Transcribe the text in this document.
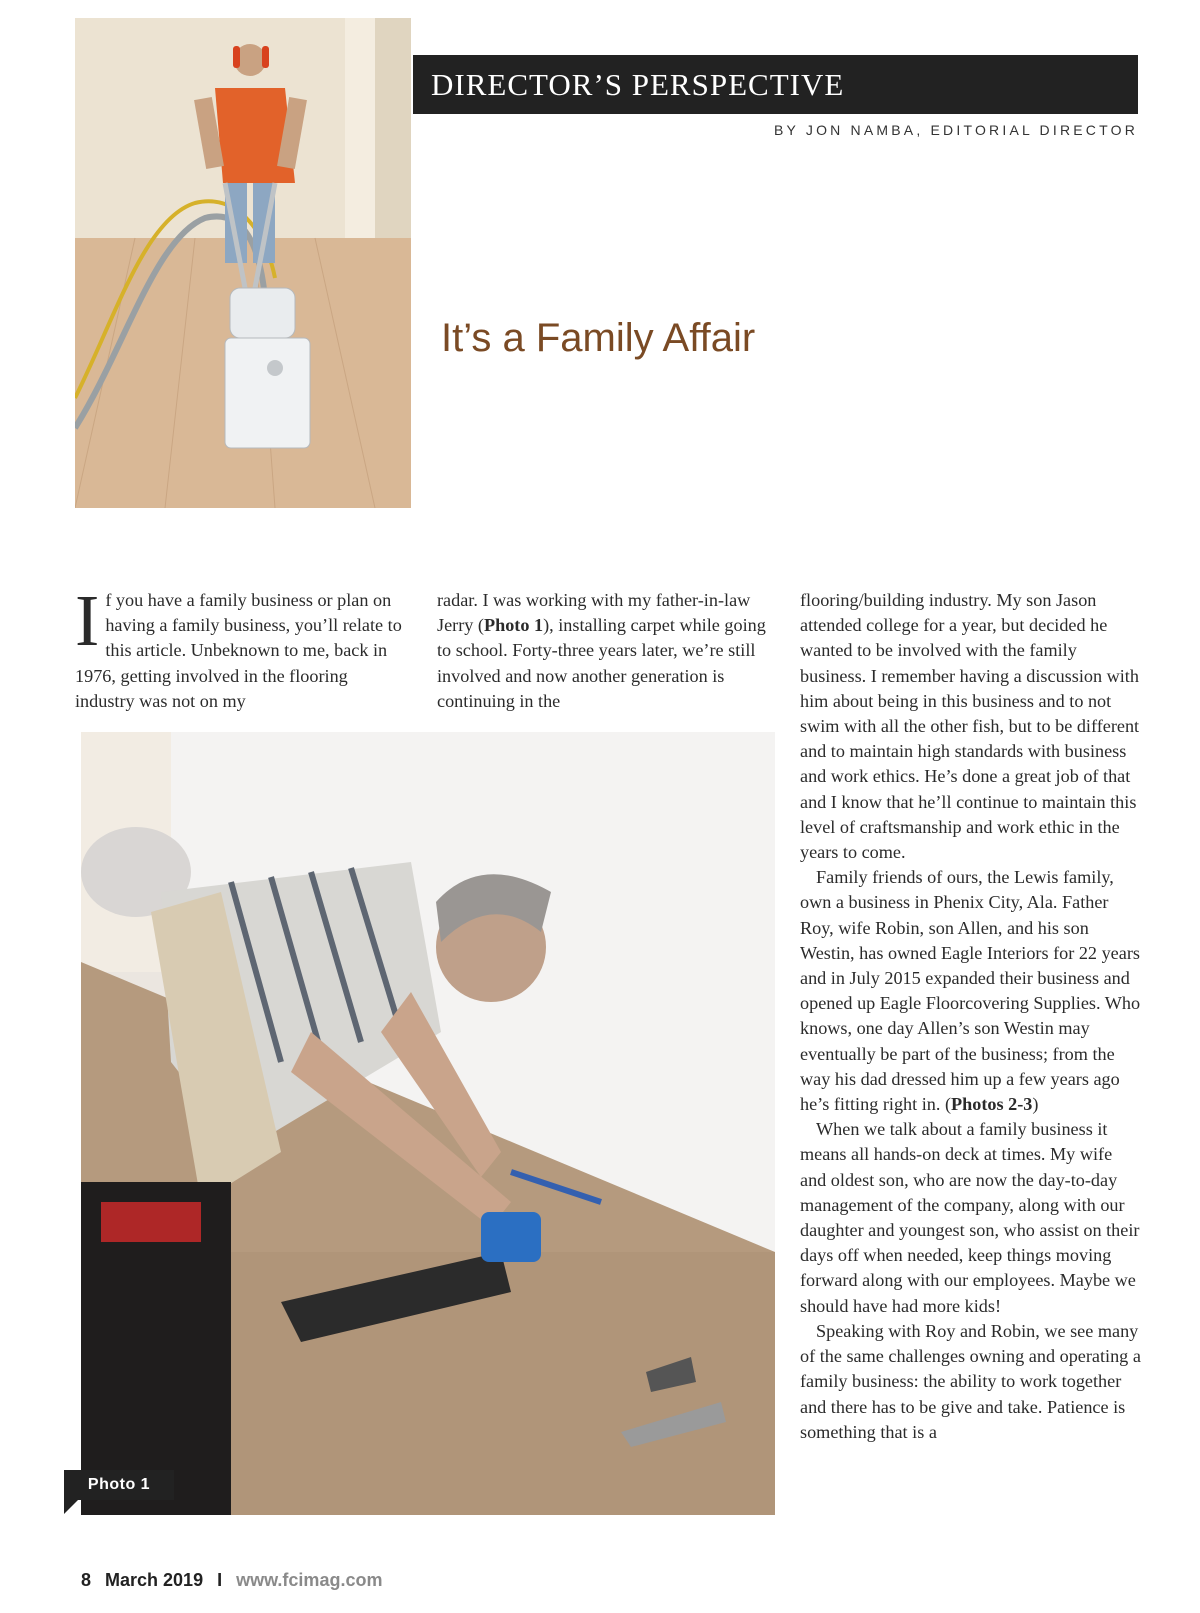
DIRECTOR’S PERSPECTIVE
BY JON NAMBA, EDITORIAL DIRECTOR
It’s a Family Affair

If you have a family business or plan on having a family business, you’ll relate to this article. Unbeknown to me, back in 1976, getting involved in the flooring industry was not on my

radar. I was working with my father-in-law Jerry (Photo 1), installing carpet while going to school. Forty-three years later, we’re still involved and now another generation is continuing in the

flooring/building industry. My son Jason attended college for a year, but decided he wanted to be involved with the family business. I remember having a discussion with him about being in this business and to not swim with all the other fish, but to be different and to maintain high standards with business and work ethics. He’s done a great job of that and I know that he’ll continue to maintain this level of craftsmanship and work ethic in the years to come.

Family friends of ours, the Lewis family, own a business in Phenix City, Ala. Father Roy, wife Robin, son Allen, and his son Westin, has owned Eagle Interiors for 22 years and in July 2015 expanded their business and opened up Eagle Floorcovering Supplies. Who knows, one day Allen’s son Westin may eventually be part of the business; from the way his dad dressed him up a few years ago he’s fitting right in. (Photos 2-3)

When we talk about a family business it means all hands-on deck at times. My wife and oldest son, who are now the day-to-day management of the company, along with our daughter and youngest son, who assist on their days off when needed, keep things moving forward along with our employees. Maybe we should have had more kids!

Speaking with Roy and Robin, we see many of the same challenges owning and operating a family business: the ability to work together and there has to be give and take. Patience is something that is a

Photo 1
8 March 2019 I www.fcimag.com
